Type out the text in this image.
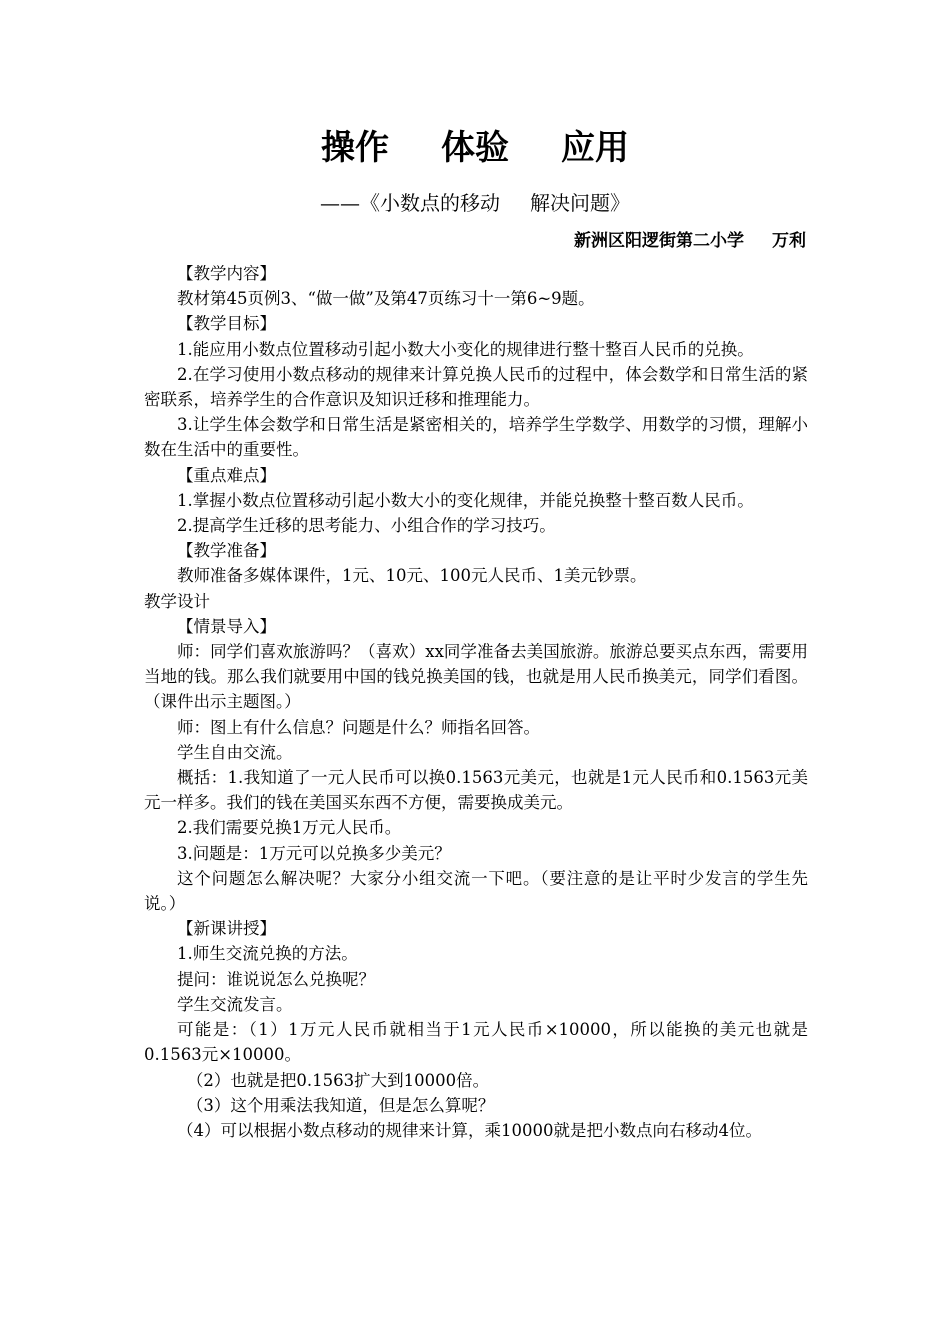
操作 体验 应用
——《小数点的移动 解决问题》
新洲区阳逻街第二小学 万利

【教学内容】

教材第45页例3、“做一做”及第47页练习十一第6~9题。

【教学目标】

1.能应用小数点位置移动引起小数大小变化的规律进行整十整百人民币的兑换。

2.在学习使用小数点移动的规律来计算兑换人民币的过程中，体会数学和日常生活的紧密联系，培养学生的合作意识及知识迁移和推理能力。

3.让学生体会数学和日常生活是紧密相关的，培养学生学数学、用数学的习惯，理解小数在生活中的重要性。

【重点难点】

1.掌握小数点位置移动引起小数大小的变化规律，并能兑换整十整百数人民币。

2.提高学生迁移的思考能力、小组合作的学习技巧。

【教学准备】

教师准备多媒体课件，1元、10元、100元人民币、1美元钞票。

教学设计

【情景导入】

师：同学们喜欢旅游吗？（喜欢）xx同学准备去美国旅游。旅游总要买点东西，需要用当地的钱。那么我们就要用中国的钱兑换美国的钱，也就是用人民币换美元，同学们看图。（课件出示主题图。）

师：图上有什么信息？问题是什么？师指名回答。

学生自由交流。

概括：1.我知道了一元人民币可以换0.1563元美元，也就是1元人民币和0.1563元美元一样多。我们的钱在美国买东西不方便，需要换成美元。

2.我们需要兑换1万元人民币。

3.问题是：1万元可以兑换多少美元？

这个问题怎么解决呢？大家分小组交流一下吧。（要注意的是让平时少发言的学生先说。）

【新课讲授】

1.师生交流兑换的方法。

提问：谁说说怎么兑换呢？

学生交流发言。

可能是：（1）1万元人民币就相当于1元人民币×10000，所以能换的美元也就是0.1563元×10000。

（2）也就是把0.1563扩大到10000倍。

（3）这个用乘法我知道，但是怎么算呢？

（4）可以根据小数点移动的规律来计算，乘10000就是把小数点向右移动4位。
